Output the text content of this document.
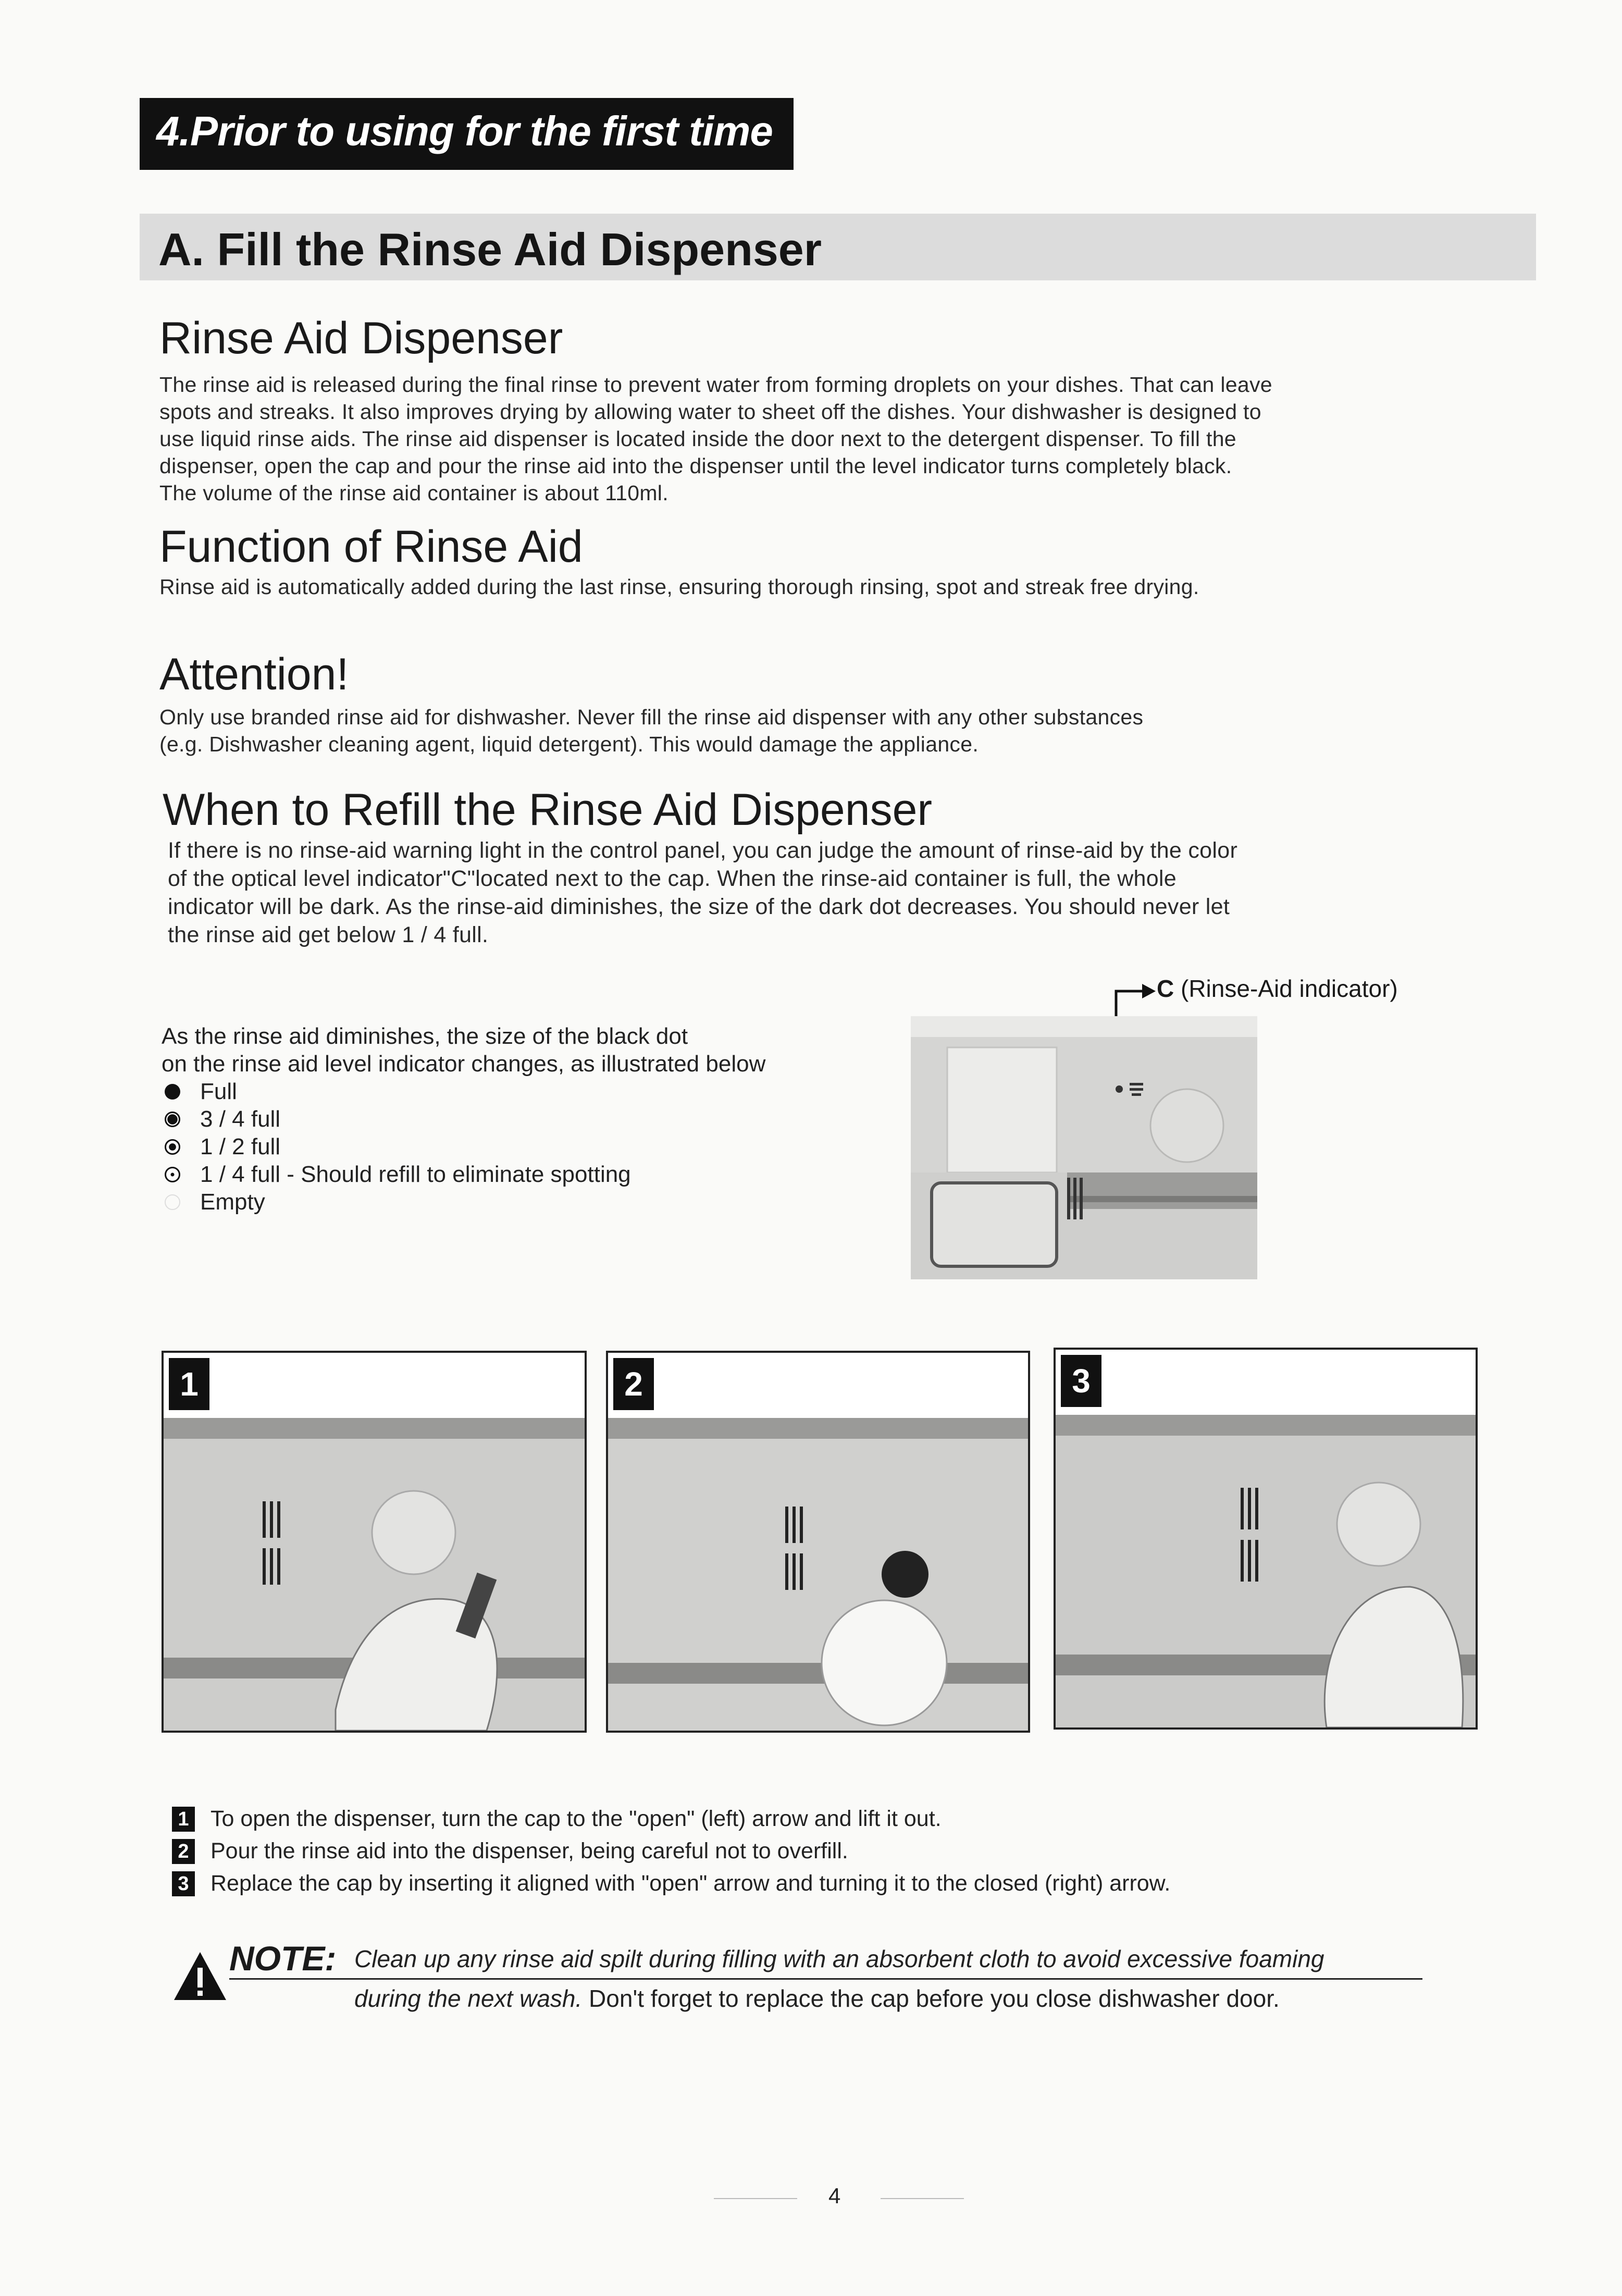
4.Prior to using for the first time
A. Fill the Rinse Aid Dispenser
Rinse Aid Dispenser
The rinse aid is released during the final rinse to prevent water from forming droplets on your dishes. That can leave
spots and streaks. It also improves drying by allowing water to sheet off the dishes. Your dishwasher is designed to
use liquid rinse aids. The rinse aid dispenser is located inside the door next to the detergent dispenser. To fill the
dispenser, open the cap and pour the rinse aid into the dispenser until the level indicator turns completely black.
The volume of the rinse aid container is about 110ml.
Function of Rinse Aid
Rinse aid is automatically added during the last rinse, ensuring thorough rinsing, spot and streak free drying.
Attention!
Only use branded rinse aid for dishwasher. Never fill the rinse aid dispenser with any other substances
(e.g. Dishwasher cleaning agent, liquid detergent). This would damage the appliance.
When to Refill the Rinse Aid Dispenser
If there is no rinse-aid warning light in the control panel, you can judge the amount of rinse-aid by the color
of the optical level indicator"C"located next to the cap. When the rinse-aid container is full, the whole
indicator will be dark. As the rinse-aid diminishes, the size of the dark dot decreases. You should never let
the rinse aid get below 1 / 4 full.
As the rinse aid diminishes, the size of the black dot
on the rinse aid level indicator changes, as illustrated below
Full
3 / 4 full
1 / 2 full
1 / 4 full - Should refill to eliminate spotting
Empty
C (Rinse-Aid indicator)
1	2	3
1 To open the dispenser, turn the cap to the "open" (left) arrow and lift it out.
2 Pour the rinse aid into the dispenser, being careful not to overfill.
3 Replace the cap by inserting it aligned with "open" arrow and turning it to the closed (right) arrow.
NOTE: Clean up any rinse aid spilt during filling with an absorbent cloth to avoid excessive foaming
during the next wash. Don't forget to replace the cap before you close dishwasher door.
4
